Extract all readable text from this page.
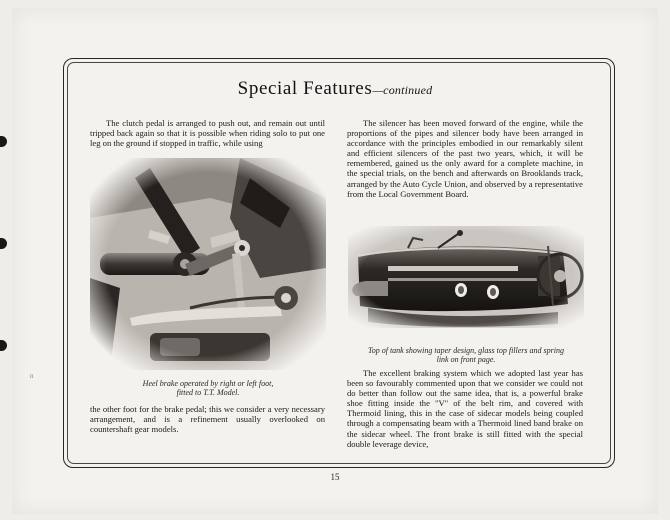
n
Special Features—continued

The clutch pedal is arranged to push out, and remain out until tripped back again so that it is possible when riding solo to put one leg on the ground if stopped in traffic, while using

Heel brake operated by right or left foot,
fitted to T.T. Model.

the other foot for the brake pedal; this we consider a very necessary arrangement, and is a refinement usually overlooked on countershaft gear models.

The silencer has been moved forward of the engine, while the proportions of the pipes and silencer body have been arranged in accordance with the principles embodied in our remarkably silent and efficient silencers of the past two years, which, it will be remembered, gained us the only award for a complete machine, in the special trials, on the bench and afterwards on Brooklands track, arranged by the Auto Cycle Union, and observed by a representative from the Local Government Board.

Top of tank showing taper design, glass top fillers and spring
link on front page.

The excellent braking system which we adopted last year has been so favourably commented upon that we consider we could not do better than follow out the same idea, that is, a powerful brake shoe fitting inside the "V" of the belt rim, and covered with Thermoid lining, this in the case of sidecar models being coupled through a compensating beam with a Thermoid lined band brake on the sidecar wheel. The front brake is still fitted with the special double leverage device,

15
